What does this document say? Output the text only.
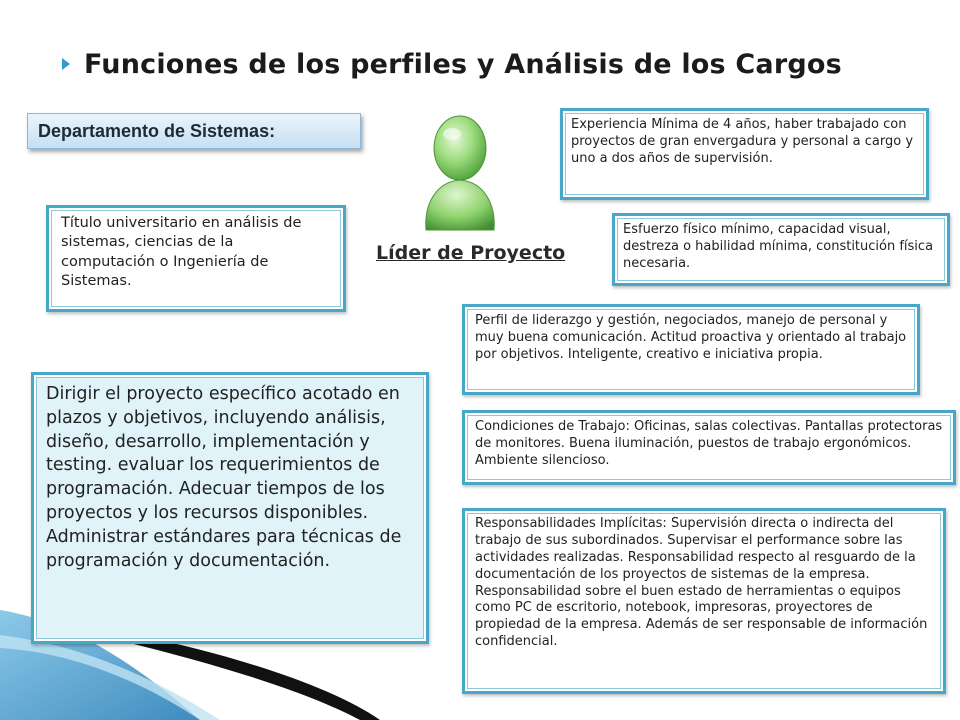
Funciones de los perfiles y Análisis de los Cargos
Departamento de Sistemas:
Líder de Proyecto

Experiencia Mínima de 4 años, haber trabajado con proyectos de gran envergadura y personal a cargo y uno a dos años de supervisión.

Esfuerzo físico mínimo, capacidad visual, destreza o habilidad mínima, constitución física necesaria.

Título universitario en análisis de sistemas, ciencias de la computación o Ingeniería de Sistemas.

Perfil de liderazgo y gestión, negociados, manejo de personal y muy buena comunicación. Actitud proactiva y orientado al trabajo por objetivos. Inteligente, creativo e iniciativa propia.

Condiciones de Trabajo: Oficinas, salas colectivas. Pantallas protectoras de monitores. Buena iluminación, puestos de trabajo ergonómicos. Ambiente silencioso.

Responsabilidades Implícitas: Supervisión directa o indirecta del trabajo de sus subordinados. Supervisar el performance sobre las actividades realizadas. Responsabilidad respecto al resguardo de la documentación de los proyectos de sistemas de la empresa. Responsabilidad sobre el buen estado de herramientas o equipos como PC de escritorio, notebook, impresoras, proyectores de propiedad de la empresa. Además de ser responsable de información confidencial.

Dirigir el proyecto específico acotado en plazos y objetivos, incluyendo análisis, diseño, desarrollo, implementación y testing. evaluar los requerimientos de programación. Adecuar tiempos de los proyectos y los recursos disponibles. Administrar estándares para técnicas de programación y documentación.
